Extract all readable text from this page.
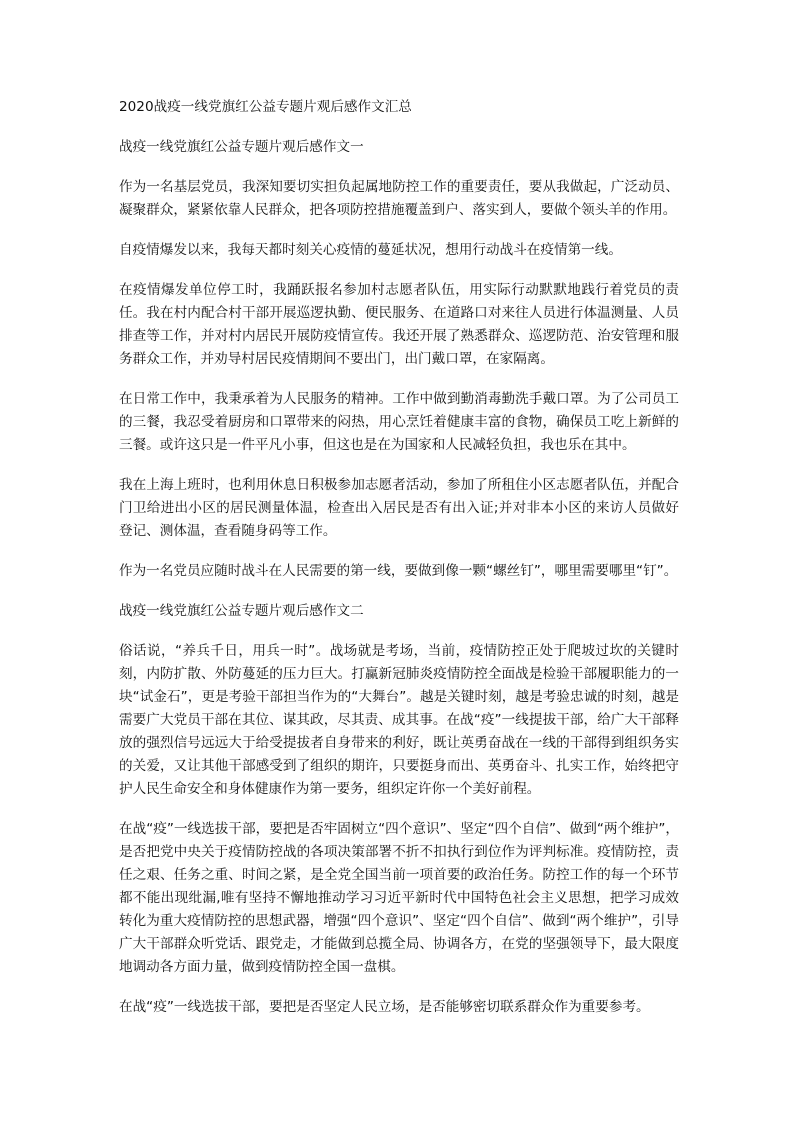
2020战疫一线党旗红公益专题片观后感作文汇总
战疫一线党旗红公益专题片观后感作文一

作为一名基层党员，我深知要切实担负起属地防控工作的重要责任，要从我做起，广泛动员、凝聚群众，紧紧依靠人民群众，把各项防控措施覆盖到户、落实到人，要做个领头羊的作用。

自疫情爆发以来，我每天都时刻关心疫情的蔓延状况，想用行动战斗在疫情第一线。

在疫情爆发单位停工时，我踊跃报名参加村志愿者队伍，用实际行动默默地践行着党员的责任。我在村内配合村干部开展巡逻执勤、便民服务、在道路口对来往人员进行体温测量、人员排查等工作，并对村内居民开展防疫情宣传。我还开展了熟悉群众、巡逻防范、治安管理和服务群众工作，并劝导村居民疫情期间不要出门，出门戴口罩，在家隔离。

在日常工作中，我秉承着为人民服务的精神。工作中做到勤消毒勤洗手戴口罩。为了公司员工的三餐，我忍受着厨房和口罩带来的闷热，用心烹饪着健康丰富的食物，确保员工吃上新鲜的三餐。或许这只是一件平凡小事，但这也是在为国家和人民减轻负担，我也乐在其中。

我在上海上班时，也利用休息日积极参加志愿者活动，参加了所租住小区志愿者队伍，并配合门卫给进出小区的居民测量体温，检查出入居民是否有出入证;并对非本小区的来访人员做好登记、测体温，查看随身码等工作。

作为一名党员应随时战斗在人民需要的第一线，要做到像一颗“螺丝钉”，哪里需要哪里“钉”。

战疫一线党旗红公益专题片观后感作文二

俗话说，“养兵千日，用兵一时”。战场就是考场，当前，疫情防控正处于爬坡过坎的关键时刻，内防扩散、外防蔓延的压力巨大。打赢新冠肺炎疫情防控全面战是检验干部履职能力的一块“试金石”，更是考验干部担当作为的“大舞台”。越是关键时刻，越是考验忠诚的时刻，越是需要广大党员干部在其位、谋其政，尽其责、成其事。在战“疫”一线提拔干部，给广大干部释放的强烈信号远远大于给受提拔者自身带来的利好，既让英勇奋战在一线的干部得到组织务实的关爱，又让其他干部感受到了组织的期许，只要挺身而出、英勇奋斗、扎实工作，始终把守护人民生命安全和身体健康作为第一要务，组织定许你一个美好前程。

在战“疫”一线选拔干部，要把是否牢固树立“四个意识”、坚定“四个自信”、做到“两个维护”，是否把党中央关于疫情防控战的各项决策部署不折不扣执行到位作为评判标准。疫情防控，责任之艰、任务之重、时间之紧，是全党全国当前一项首要的政治任务。防控工作的每一个环节都不能出现纰漏,唯有坚持不懈地推动学习习近平新时代中国特色社会主义思想，把学习成效转化为重大疫情防控的思想武器，增强“四个意识”、坚定“四个自信”、做到“两个维护”，引导广大干部群众听党话、跟党走，才能做到总揽全局、协调各方，在党的坚强领导下，最大限度地调动各方面力量，做到疫情防控全国一盘棋。

在战“疫”一线选拔干部，要把是否坚定人民立场，是否能够密切联系群众作为重要参考。
